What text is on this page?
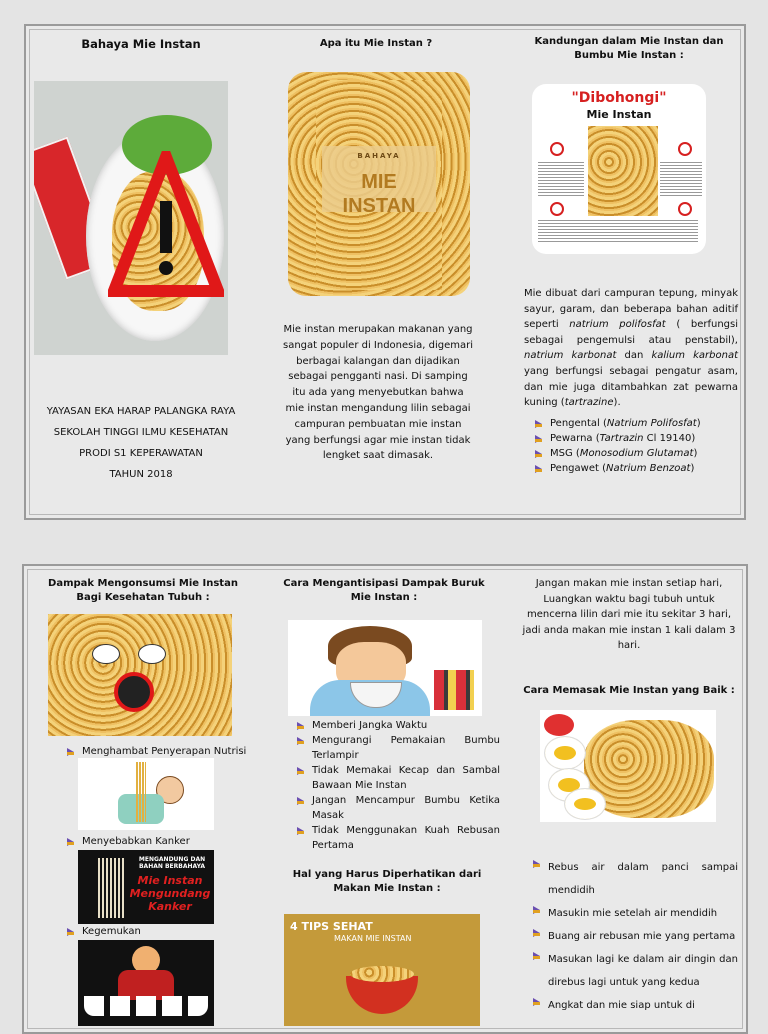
Bahaya Mie Instan
YAYASAN EKA HARAP PALANGKA RAYA
SEKOLAH TINGGI ILMU KESEHATAN
PRODI S1 KEPERAWATAN
TAHUN 2018
Apa itu Mie Instan ?
BAHAYA
MIE INSTAN
Mie instan merupakan makanan yang sangat populer di Indonesia, digemari berbagai kalangan dan dijadikan sebagai pengganti nasi. Di samping itu ada yang menyebutkan bahwa mie instan mengandung lilin sebagai campuran pembuatan mie instan yang berfungsi agar mie instan tidak lengket saat dimasak.
Kandungan dalam Mie Instan dan Bumbu Mie Instan :
"Dibohongi"
Mie Instan
Mie dibuat dari campuran tepung, minyak sayur, garam, dan beberapa bahan aditif seperti natrium polifosfat ( berfungsi sebagai pengemulsi atau penstabil), natrium karbonat dan kalium karbonat yang berfungsi sebagai pengatur asam, dan mie juga ditambahkan zat pewarna kuning (tartrazine).
Pengental (Natrium Polifosfat)
Pewarna (Tartrazin Cl 19140)
MSG (Monosodium Glutamat)
Pengawet (Natrium Benzoat)
Dampak Mengonsumsi Mie Instan Bagi Kesehatan Tubuh :
Menghambat Penyerapan Nutrisi
Menyebabkan Kanker
MENGANDUNG DAN BAHAN BERBAHAYA
Mie Instan Mengundang Kanker
Kegemukan
Cara Mengantisipasi Dampak Buruk Mie Instan :
Memberi Jangka Waktu
Mengurangi Pemakaian Bumbu Terlampir
Tidak Memakai Kecap dan Sambal Bawaan Mie Instan
Jangan Mencampur Bumbu Ketika Masak
Tidak Menggunakan Kuah Rebusan Pertama
Hal yang Harus Diperhatikan dari Makan Mie Instan :
4 TIPS SEHAT
MAKAN MIE INSTAN
Jangan makan mie instan setiap hari, Luangkan waktu bagi tubuh untuk mencerna lilin dari mie itu sekitar 3 hari, jadi anda makan mie instan 1 kali dalam 3 hari.
Cara Memasak Mie Instan yang Baik :
Rebus air dalam panci sampai mendidih
Masukin mie setelah air mendidih
Buang air rebusan mie yang pertama
Masukan lagi ke dalam air dingin dan direbus lagi untuk yang kedua
Angkat dan mie siap untuk di
